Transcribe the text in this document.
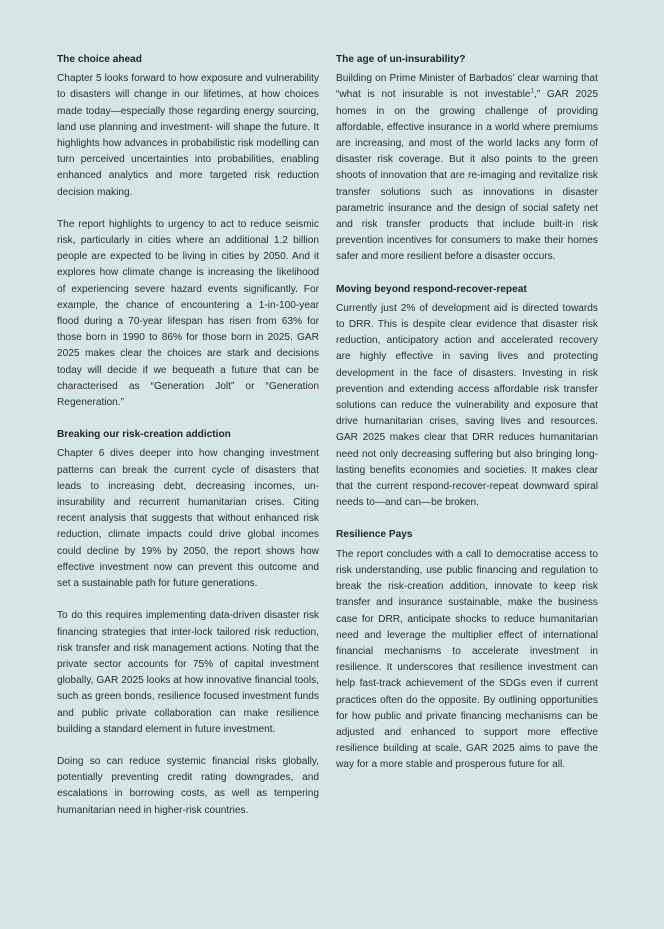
The choice ahead

Chapter 5 looks forward to how exposure and vulnerability to disasters will change in our lifetimes, at how choices made today—especially those regarding energy sourcing, land use planning and investment- will shape the future. It highlights how advances in probabilistic risk modelling can turn perceived uncertainties into probabilities, enabling enhanced analytics and more targeted risk reduction decision making.

The report highlights to urgency to act to reduce seismic risk, particularly in cities where an additional 1.2 billion people are expected to be living in cities by 2050. And it explores how climate change is increasing the likelihood of experiencing severe hazard events significantly. For example, the chance of encountering a 1-in-100-year flood during a 70-year lifespan has risen from 63% for those born in 1990 to 86% for those born in 2025. GAR 2025 makes clear the choices are stark and decisions today will decide if we bequeath a future that can be characterised as “Generation Jolt” or “Generation Regeneration.”

Breaking our risk-creation addiction

Chapter 6 dives deeper into how changing investment patterns can break the current cycle of disasters that leads to increasing debt, decreasing incomes, un-insurability and recurrent humanitarian crises. Citing recent analysis that suggests that without enhanced risk reduction, climate impacts could drive global incomes could decline by 19% by 2050, the report shows how effective investment now can prevent this outcome and set a sustainable path for future generations.

To do this requires implementing data-driven disaster risk financing strategies that inter-lock tailored risk reduction, risk transfer and risk management actions. Noting that the private sector accounts for 75% of capital investment globally, GAR 2025 looks at how innovative financial tools, such as green bonds, resilience focused investment funds and public private collaboration can make resilience building a standard element in future investment.

Doing so can reduce systemic financial risks globally, potentially preventing credit rating downgrades, and escalations in borrowing costs, as well as tempering humanitarian need in higher-risk countries.

The age of un-insurability?

Building on Prime Minister of Barbados’ clear warning that “what is not insurable is not investable$^1$,” GAR 2025 homes in on the growing challenge of providing affordable, effective insurance in a world where premiums are increasing, and most of the world lacks any form of disaster risk coverage. But it also points to the green shoots of innovation that are re-imaging and revitalize risk transfer solutions such as innovations in disaster parametric insurance and the design of social safety net and risk transfer products that include built-in risk prevention incentives for consumers to make their homes safer and more resilient before a disaster occurs.

Moving beyond respond-recover-repeat

Currently just 2% of development aid is directed towards to DRR. This is despite clear evidence that disaster risk reduction, anticipatory action and accelerated recovery are highly effective in saving lives and protecting development in the face of disasters. Investing in risk prevention and extending access affordable risk transfer solutions can reduce the vulnerability and exposure that drive humanitarian crises, saving lives and resources. GAR 2025 makes clear that DRR reduces humanitarian need not only decreasing suffering but also bringing long-lasting benefits economies and societies. It makes clear that the current respond-recover-repeat downward spiral needs to—and can—be broken.

Resilience Pays

The report concludes with a call to democratise access to risk understanding, use public financing and regulation to break the risk-creation addition, innovate to keep risk transfer and insurance sustainable, make the business case for DRR, anticipate shocks to reduce humanitarian need and leverage the multiplier effect of international financial mechanisms to accelerate investment in resilience. It underscores that resilience investment can help fast-track achievement of the SDGs even if current practices often do the opposite. By outlining opportunities for how public and private financing mechanisms can be adjusted and enhanced to support more effective resilience building at scale, GAR 2025 aims to pave the way for a more stable and prosperous future for all.
